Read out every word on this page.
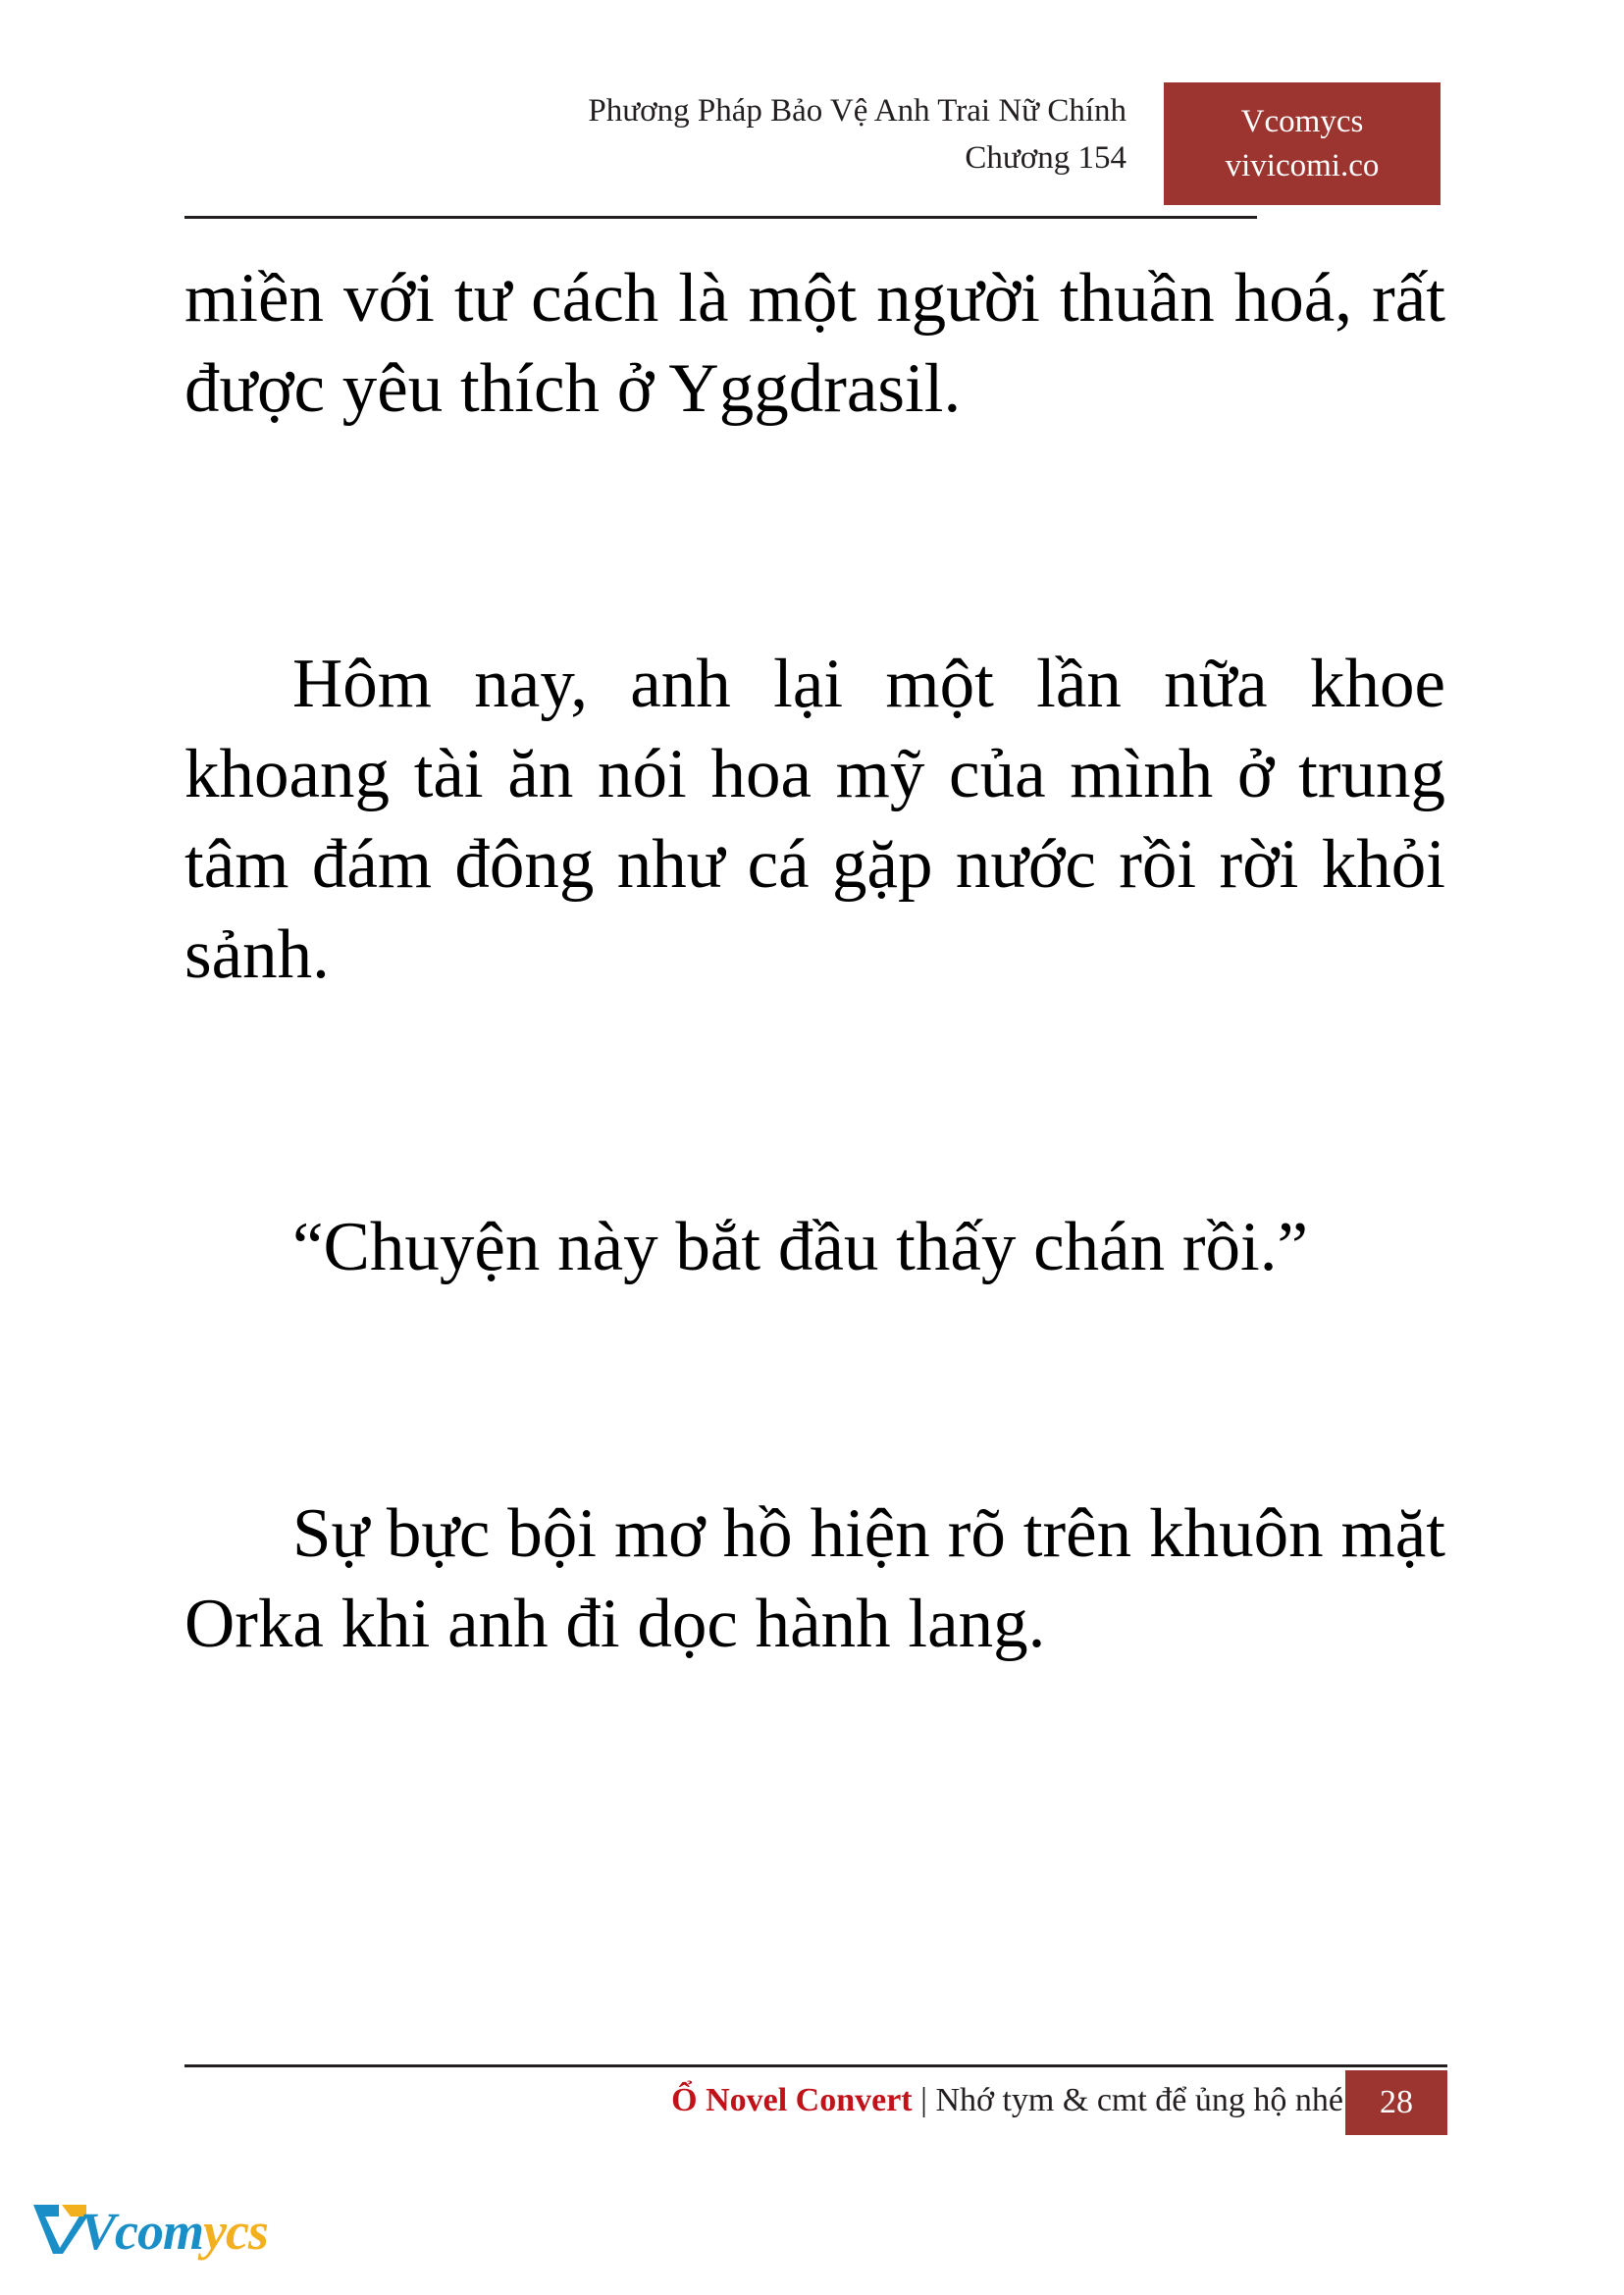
Phương Pháp Bảo Vệ Anh Trai Nữ Chính
Chương 154
Vcomycs
vivicomi.co

miền với tư cách là một người thuần hoá, rất được yêu thích ở Yggdrasil.

Hôm nay, anh lại một lần nữa khoe khoang tài ăn nói hoa mỹ của mình ở trung tâm đám đông như cá gặp nước rồi rời khỏi sảnh.

“Chuyện này bắt đầu thấy chán rồi.”

Sự bực bội mơ hồ hiện rõ trên khuôn mặt Orka khi anh đi dọc hành lang.

Ổ Novel Convert | Nhớ tym & cmt để ủng hộ nhé 28
Vcomycs
